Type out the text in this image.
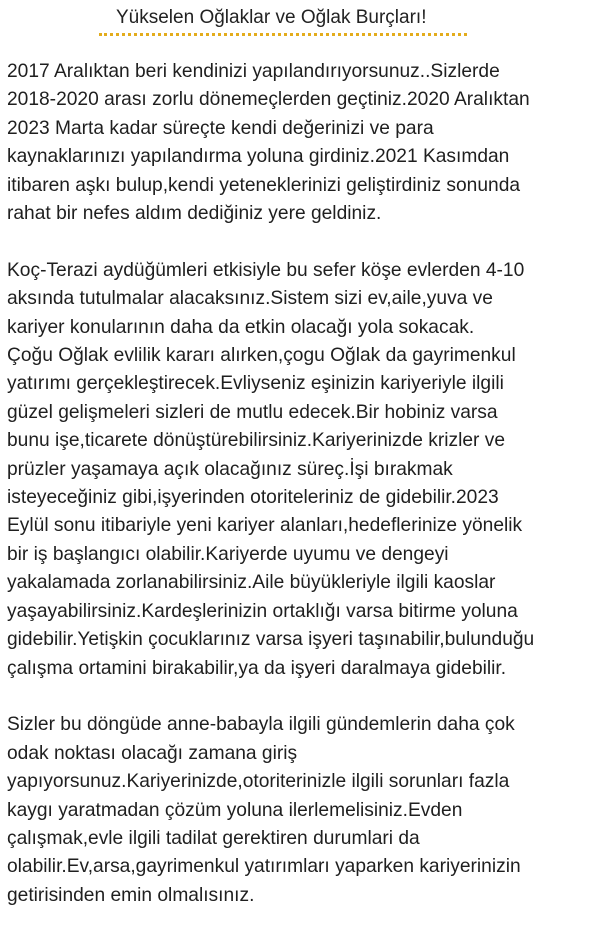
Yükselen Oğlaklar ve Oğlak Burçları!

2017 Aralıktan beri kendinizi yapılandırıyorsunuz..Sizlerde
2018-2020 arası zorlu dönemeçlerden geçtiniz.2020 Aralıktan
2023 Marta kadar süreçte kendi değerinizi ve para
kaynaklarınızı yapılandırma yoluna girdiniz.2021 Kasımdan
itibaren aşkı bulup,kendi yeteneklerinizi geliştirdiniz sonunda
rahat bir nefes aldım dediğiniz yere geldiniz.

Koç-Terazi aydüğümleri etkisiyle bu sefer köşe evlerden 4-10
aksında tutulmalar alacaksınız.Sistem sizi ev,aile,yuva ve
kariyer konularının daha da etkin olacağı yola sokacak.
Çoğu Oğlak evlilik kararı alırken,çogu Oğlak da gayrimenkul
yatırımı gerçekleştirecek.Evliyseniz eşinizin kariyeriyle ilgili
güzel gelişmeleri sizleri de mutlu edecek.Bir hobiniz varsa
bunu işe,ticarete dönüştürebilirsiniz.Kariyerinizde krizler ve
prüzler yaşamaya açık olacağınız süreç.İşi bırakmak
isteyeceğiniz gibi,işyerinden otoriteleriniz de gidebilir.2023
Eylül sonu itibariyle yeni kariyer alanları,hedeflerinize yönelik
bir iş başlangıcı olabilir.Kariyerde uyumu ve dengeyi
yakalamada zorlanabilirsiniz.Aile büyükleriyle ilgili kaoslar
yaşayabilirsiniz.Kardeşlerinizin ortaklığı varsa bitirme yoluna
gidebilir.Yetişkin çocuklarınız varsa işyeri taşınabilir,bulunduğu
çalışma ortamini birakabilir,ya da işyeri daralmaya gidebilir.

Sizler bu döngüde anne-babayla ilgili gündemlerin daha çok
odak noktası olacağı zamana giriş
yapıyorsunuz.Kariyerinizde,otoriterinizle ilgili sorunları fazla
kaygı yaratmadan çözüm yoluna ilerlemelisiniz.Evden
çalışmak,evle ilgili tadilat gerektiren durumlari da
olabilir.Ev,arsa,gayrimenkul yatırımları yaparken kariyerinizin
getirisinden emin olmalısınız.
